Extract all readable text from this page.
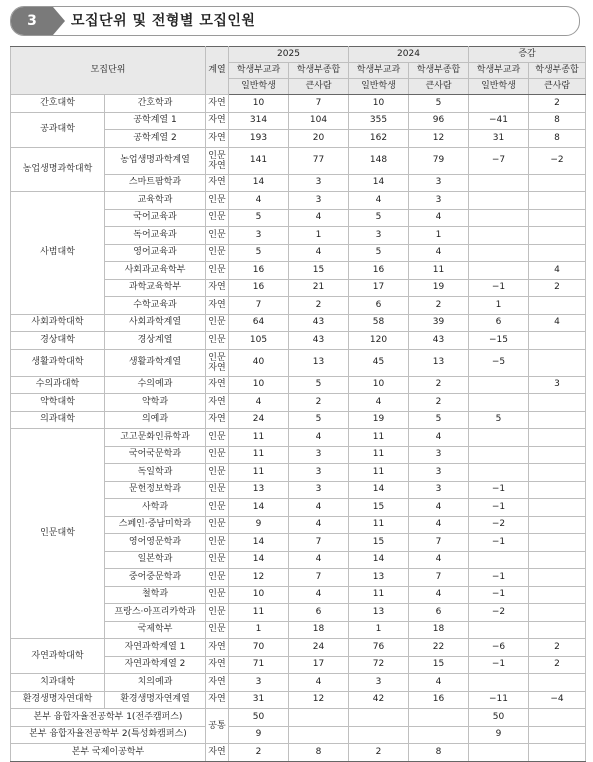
3	모집단위 및 전형별 모집인원
모집단위		계열	2025		2024		증감	
			학생부교과	학생부종합	학생부교과	학생부종합	학생부교과	학생부종합
			일반학생	큰사람	일반학생	큰사람	일반학생	큰사람
간호대학	간호학과	자연	10	7	10	5		2
공과대학	공학계열 1	자연	314	104	355	96	−41	8
	공학계열 2	자연	193	20	162	12	31	8
농업생명과학대학	농업생명과학계열	인문 자연	141	77	148	79	−7	−2
	스마트팜학과	자연	14	3	14	3		
사범대학	교육학과	인문	4	3	4	3		
	국어교육과	인문	5	4	5	4		
	독어교육과	인문	3	1	3	1		
	영어교육과	인문	5	4	5	4		
	사회과교육학부	인문	16	15	16	11		4
	과학교육학부	자연	16	21	17	19	−1	2
	수학교육과	자연	7	2	6	2	1	
사회과학대학	사회과학계열	인문	64	43	58	39	6	4
경상대학	경상계열	인문	105	43	120	43	−15	
생활과학대학	생활과학계열	인문 자연	40	13	45	13	−5	
수의과대학	수의예과	자연	10	5	10	2		3
약학대학	약학과	자연	4	2	4	2		
의과대학	의예과	자연	24	5	19	5	5	
인문대학	고고문화인류학과	인문	11	4	11	4		
	국어국문학과	인문	11	3	11	3		
	독일학과	인문	11	3	11	3		
	문헌정보학과	인문	13	3	14	3	−1	
	사학과	인문	14	4	15	4	−1	
	스페인·중남미학과	인문	9	4	11	4	−2	
	영어영문학과	인문	14	7	15	7	−1	
	일본학과	인문	14	4	14	4		
	중어중문학과	인문	12	7	13	7	−1	
	철학과	인문	10	4	11	4	−1	
	프랑스·아프리카학과	인문	11	6	13	6	−2	
	국제학부	인문	1	18	1	18		
자연과학대학	자연과학계열 1	자연	70	24	76	22	−6	2
	자연과학계열 2	자연	71	17	72	15	−1	2
치과대학	치의예과	자연	3	4	3	4		
환경생명자연대학	환경생명자연계열	자연	31	12	42	16	−11	−4
본부 융합자율전공학부 1(전주캠퍼스)		공통	50				50	
본부 융합자율전공학부 2(특성화캠퍼스)			9				9	
본부 국제이공학부		자연	2	8	2	8		
